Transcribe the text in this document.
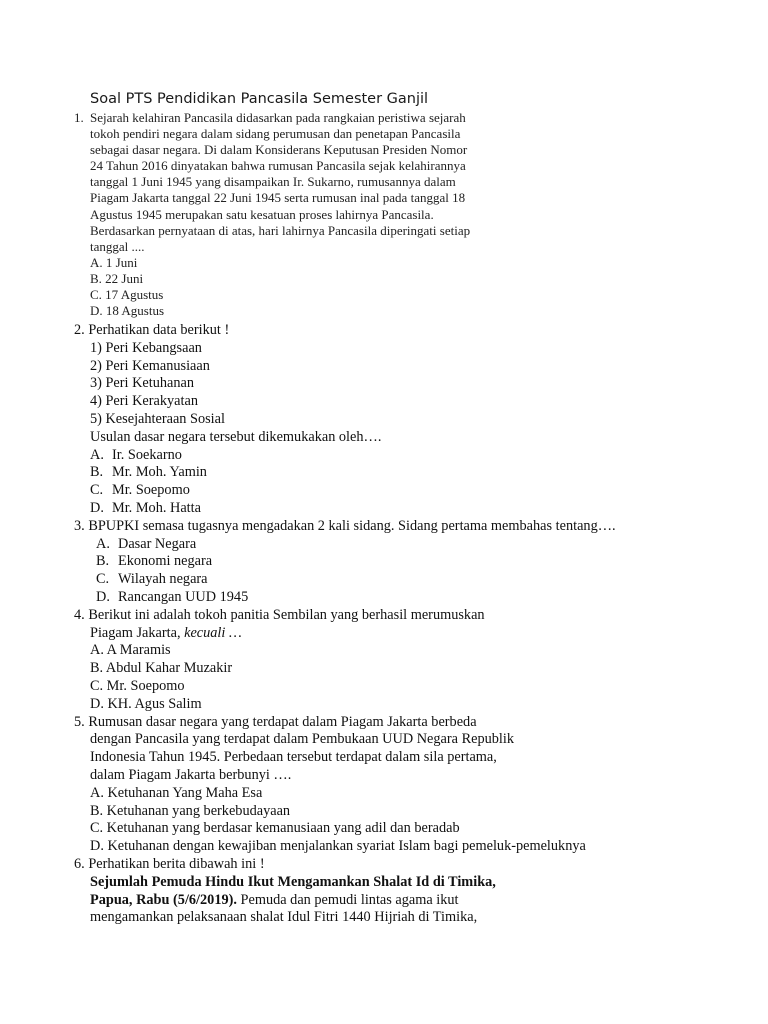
Soal PTS Pendidikan Pancasila Semester Ganjil
1. Sejarah kelahiran Pancasila didasarkan pada rangkaian peristiwa sejarah
tokoh pendiri negara dalam sidang perumusan dan penetapan Pancasila
sebagai dasar negara. Di dalam Konsiderans Keputusan Presiden Nomor
24 Tahun 2016 dinyatakan bahwa rumusan Pancasila sejak kelahirannya
tanggal 1 Juni 1945 yang disampaikan Ir. Sukarno, rumusannya dalam
Piagam Jakarta tanggal 22 Juni 1945 serta rumusan inal pada tanggal 18
Agustus 1945 merupakan satu kesatuan proses lahirnya Pancasila.
Berdasarkan pernyataan di atas, hari lahirnya Pancasila diperingati setiap
tanggal ....
A. 1 Juni
B. 22 Juni
C. 17 Agustus
D. 18 Agustus
2. Perhatikan data berikut !
1) Peri Kebangsaan
2) Peri Kemanusiaan
3) Peri Ketuhanan
4) Peri Kerakyatan
5) Kesejahteraan Sosial
Usulan dasar negara tersebut dikemukakan oleh….
A. Ir. Soekarno
B. Mr. Moh. Yamin
C. Mr. Soepomo
D. Mr. Moh. Hatta
3. BPUPKI semasa tugasnya mengadakan 2 kali sidang. Sidang pertama membahas tentang….
A. Dasar Negara
B. Ekonomi negara
C. Wilayah negara
D. Rancangan UUD 1945
4. Berikut ini adalah tokoh panitia Sembilan yang berhasil merumuskan
Piagam Jakarta, kecuali …
A. A Maramis
B. Abdul Kahar Muzakir
C. Mr. Soepomo
D. KH. Agus Salim
5. Rumusan dasar negara yang terdapat dalam Piagam Jakarta berbeda
dengan Pancasila yang terdapat dalam Pembukaan UUD Negara Republik
Indonesia Tahun 1945. Perbedaan tersebut terdapat dalam sila pertama,
dalam Piagam Jakarta berbunyi ….
A. Ketuhanan Yang Maha Esa
B. Ketuhanan yang berkebudayaan
C. Ketuhanan yang berdasar kemanusiaan yang adil dan beradab
D. Ketuhanan dengan kewajiban menjalankan syariat Islam bagi pemeluk-pemeluknya
6. Perhatikan berita dibawah ini !
Sejumlah Pemuda Hindu Ikut Mengamankan Shalat Id di Timika,
Papua, Rabu (5/6/2019). Pemuda dan pemudi lintas agama ikut
mengamankan pelaksanaan shalat Idul Fitri 1440 Hijriah di Timika,
